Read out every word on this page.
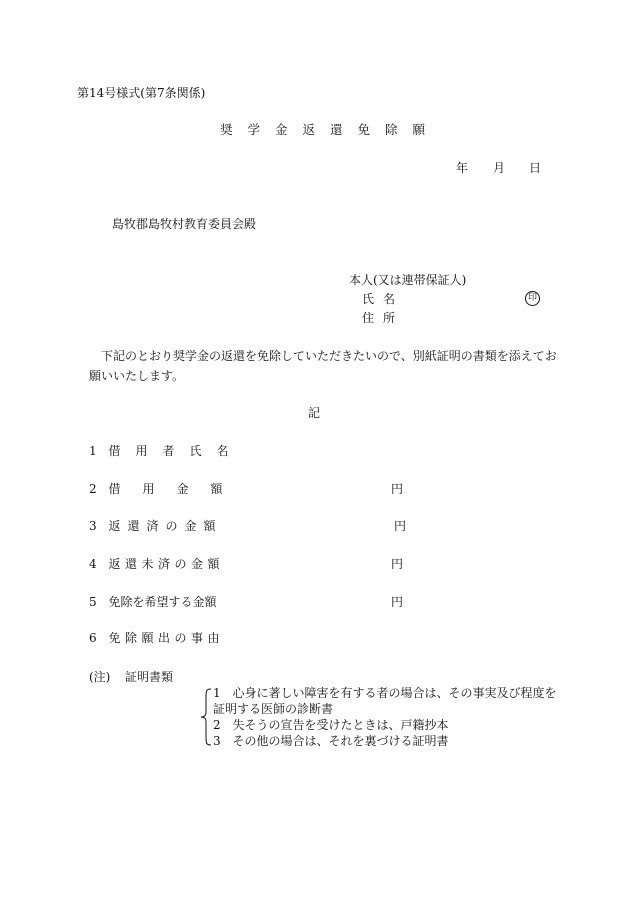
第14号様式(第7条関係)
奨学金返還免除願
年 月 日
島牧郡島牧村教育委員会殿
本人(又は連帯保証人)
氏名	印
住所
下記のとおり奨学金の返還を免除していただきたいので、別紙証明の書類を添えてお
願いいたします。
記
1 借用者氏名
2 借用金額	円
3 返還済の金額	円
4 返還未済の金額	円
5 免除を希望する金額	円
6 免除願出の事由
(注) 証明書類
1 心身に著しい障害を有する者の場合は、その事実及び程度を
証明する医師の診断書
2 失そうの宣告を受けたときは、戸籍抄本
3 その他の場合は、それを裏づける証明書
